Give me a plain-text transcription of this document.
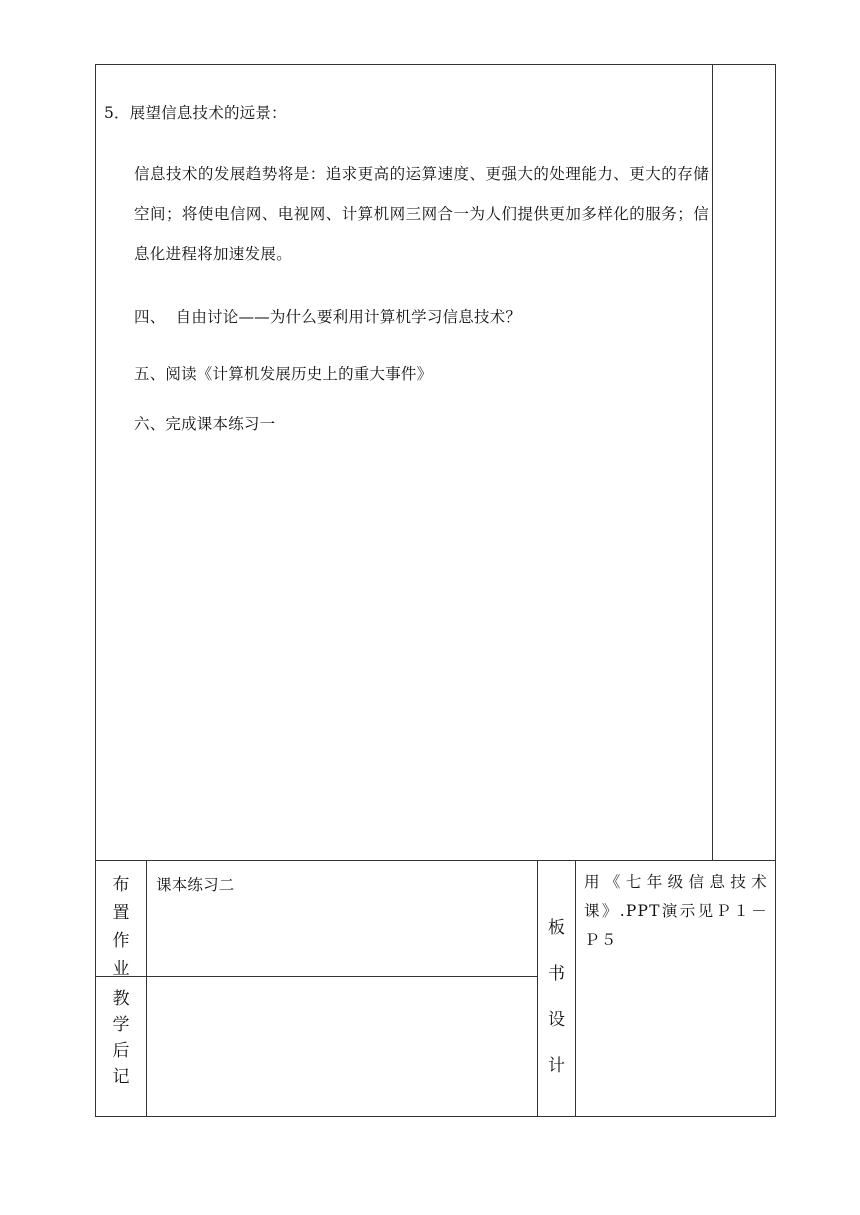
5．展望信息技术的远景：
信息技术的发展趋势将是：追求更高的运算速度、更强大的处理能力、更大的存储空间；将使电信网、电视网、计算机网三网合一为人们提供更加多样化的服务；信息化进程将加速发展。
四、  自由讨论——为什么要利用计算机学习信息技术？
五、阅读《计算机发展历史上的重大事件》
六、完成课本练习一
布
置
作
业
课本练习二
教
学
后
记
板
书
设
计
用《七年级信息技术课》.PPT演示见Ｐ１－Ｐ５
